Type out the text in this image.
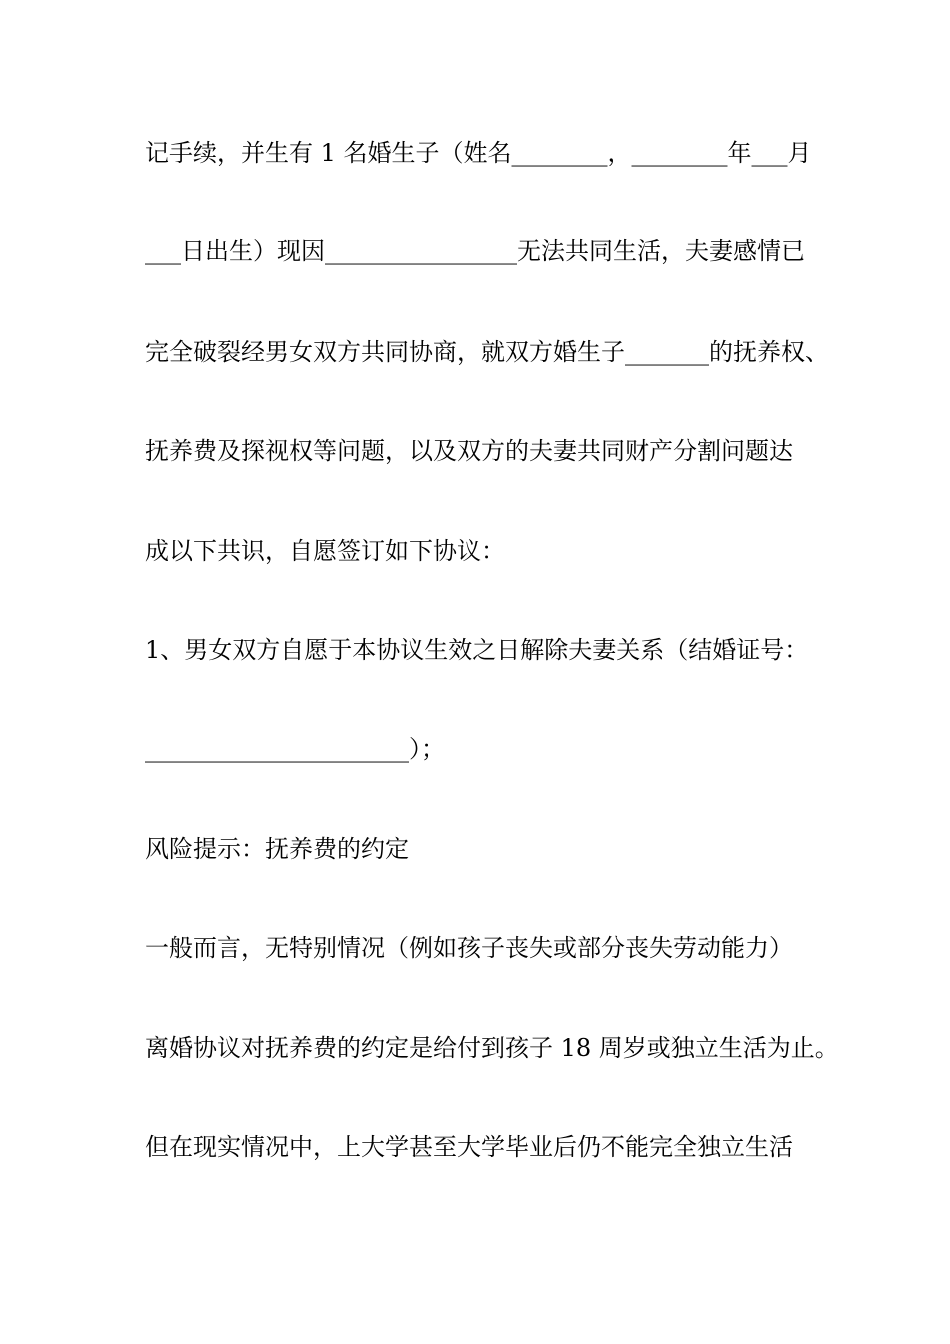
记手续，并生有 1 名婚生子（姓名________，________年___月
___日出生）现因________________无法共同生活，夫妻感情已
完全破裂经男女双方共同协商，就双方婚生子_______的抚养权、
抚养费及探视权等问题，以及双方的夫妻共同财产分割问题达
成以下共识，自愿签订如下协议：
1、男女双方自愿于本协议生效之日解除夫妻关系（结婚证号：
______________________）；
风险提示：抚养费的约定
一般而言，无特别情况（例如孩子丧失或部分丧失劳动能力）
离婚协议对抚养费的约定是给付到孩子 18 周岁或独立生活为止。
但在现实情况中，上大学甚至大学毕业后仍不能完全独立生活
